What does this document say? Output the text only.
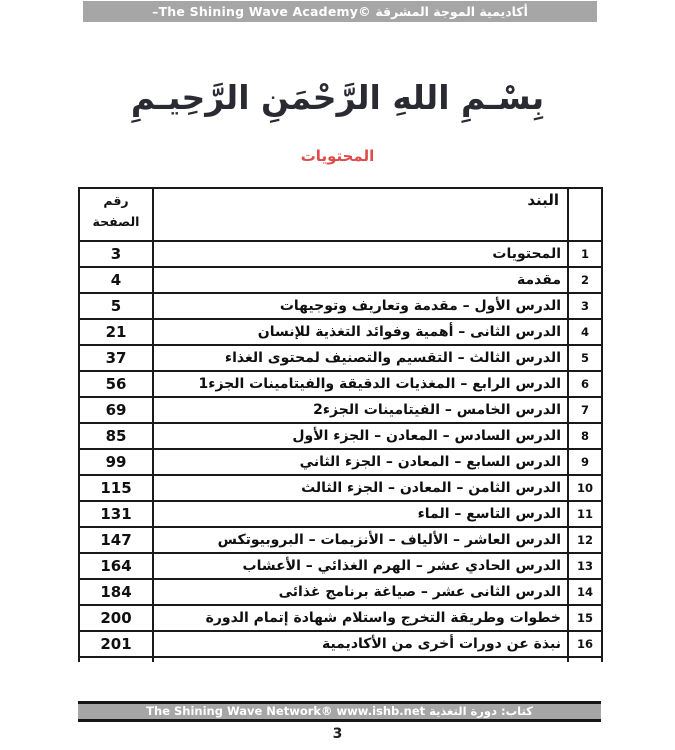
–The Shining Wave Academy© أكاديمية الموجة المشرقة
بِسْـمِ اللهِ الرَّحْمَنِ الرَّحِيـمِ
المحتويات
	البند	رقم
الصفحة
1	المحتويات	3
2	مقدمة	4
3	الدرس الأول – مقدمة وتعاريف وتوجيهات	5
4	الدرس الثانى – أهمية وفوائد التغذية للإنسان	21
5	الدرس الثالث – التقسيم والتصنيف لمحتوى الغذاء	37
6	الدرس الرابع – المغذيات الدقيقة والفيتامينات الجزء1	56
7	الدرس الخامس – الفيتامينات الجزء2	69
8	الدرس السادس – المعادن – الجزء الأول	85
9	الدرس السابع – المعادن – الجزء الثاني	99
10	الدرس الثامن – المعادن – الجزء الثالث	115
11	الدرس التاسع – الماء	131
12	الدرس العاشر – الألياف – الأنزيمات – البروبيوتكس	147
13	الدرس الحادي عشر – الهرم الغذائي – الأعشاب	164
14	الدرس الثانى عشر – صياغة برنامج غذائى	184
15	خطوات وطريقة التخرج واستلام شهادة إتمام الدورة	200
16	نبذة عن دورات أخرى من الأكاديمية	201

The Shining Wave Network® www.ishb.net كتاب: دورة التغذية
3
